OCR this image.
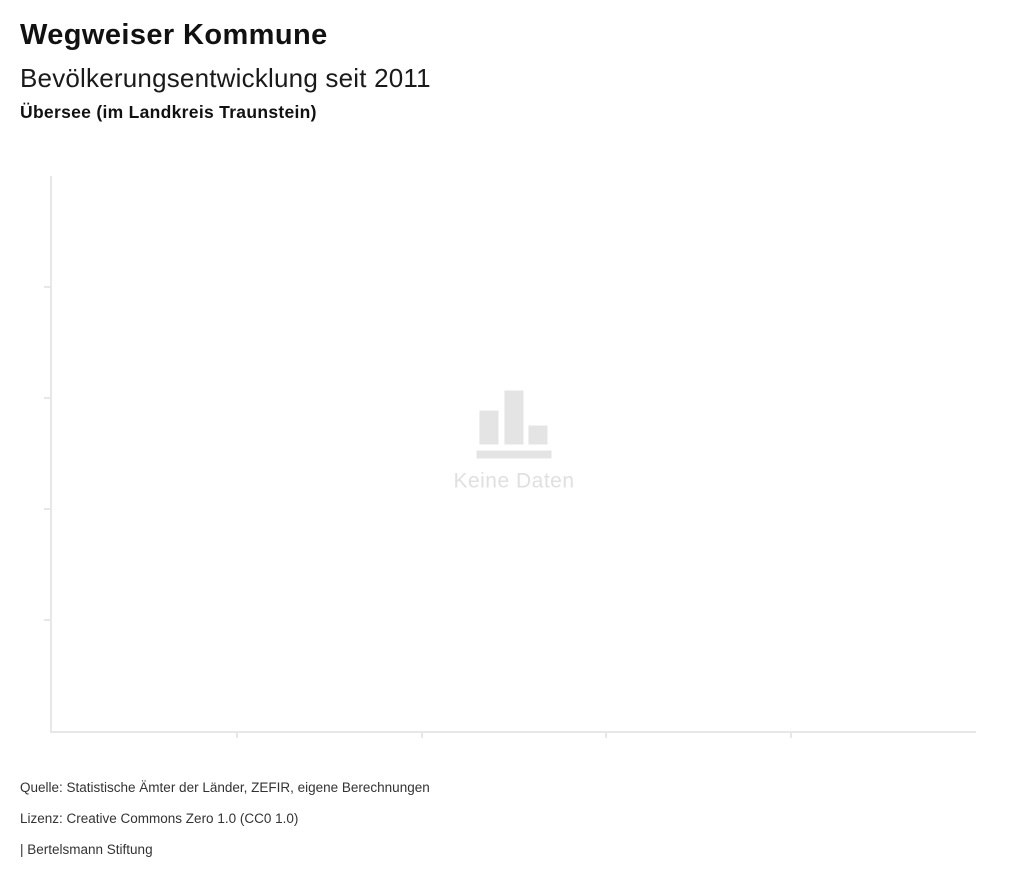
Wegweiser Kommune
Bevölkerungsentwicklung seit 2011
Übersee (im Landkreis Traunstein)
Keine Daten

Quelle: Statistische Ämter der Länder, ZEFIR, eigene Berechnungen

Lizenz: Creative Commons Zero 1.0 (CC0 1.0)

| Bertelsmann Stiftung
